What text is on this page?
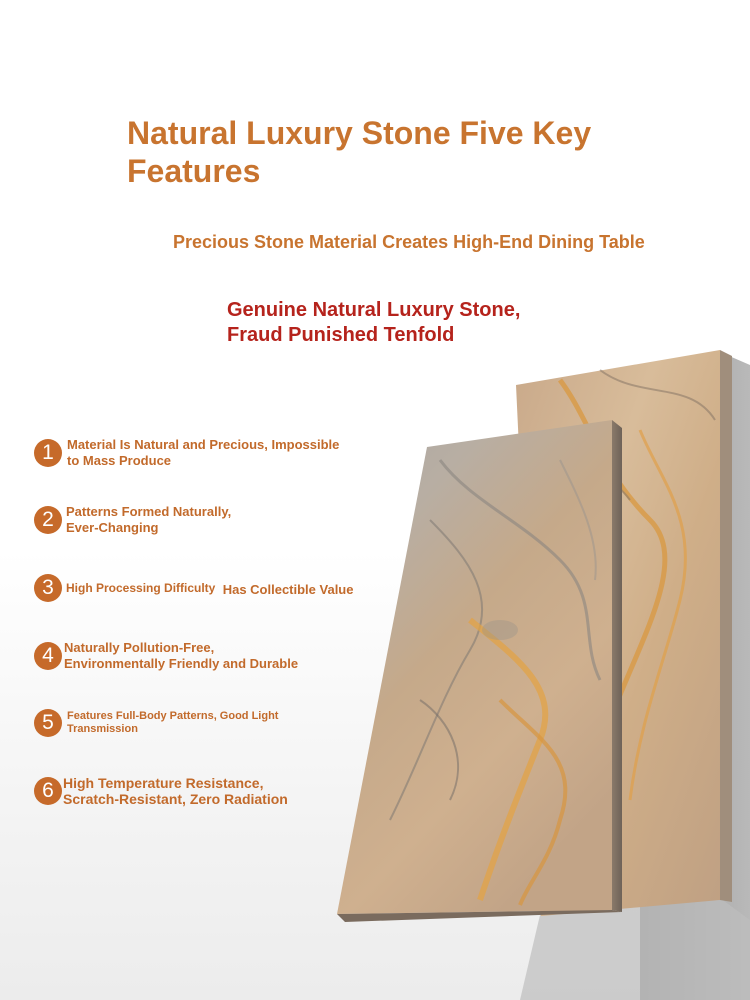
Natural Luxury Stone Five Key Features
Precious Stone Material Creates High-End Dining Table
Genuine Natural Luxury Stone,
Fraud Punished Tenfold
1	Material Is Natural and Precious, Impossible
to Mass Produce
2 Patterns Formed Naturally,
Ever-Changing
3	High Processing Difficulty Has Collectible Value
4 Naturally Pollution-Free,
Environmentally Friendly and Durable
5	Features Full-Body Patterns, Good Light
Transmission
6 High Temperature Resistance,
Scratch-Resistant, Zero Radiation
